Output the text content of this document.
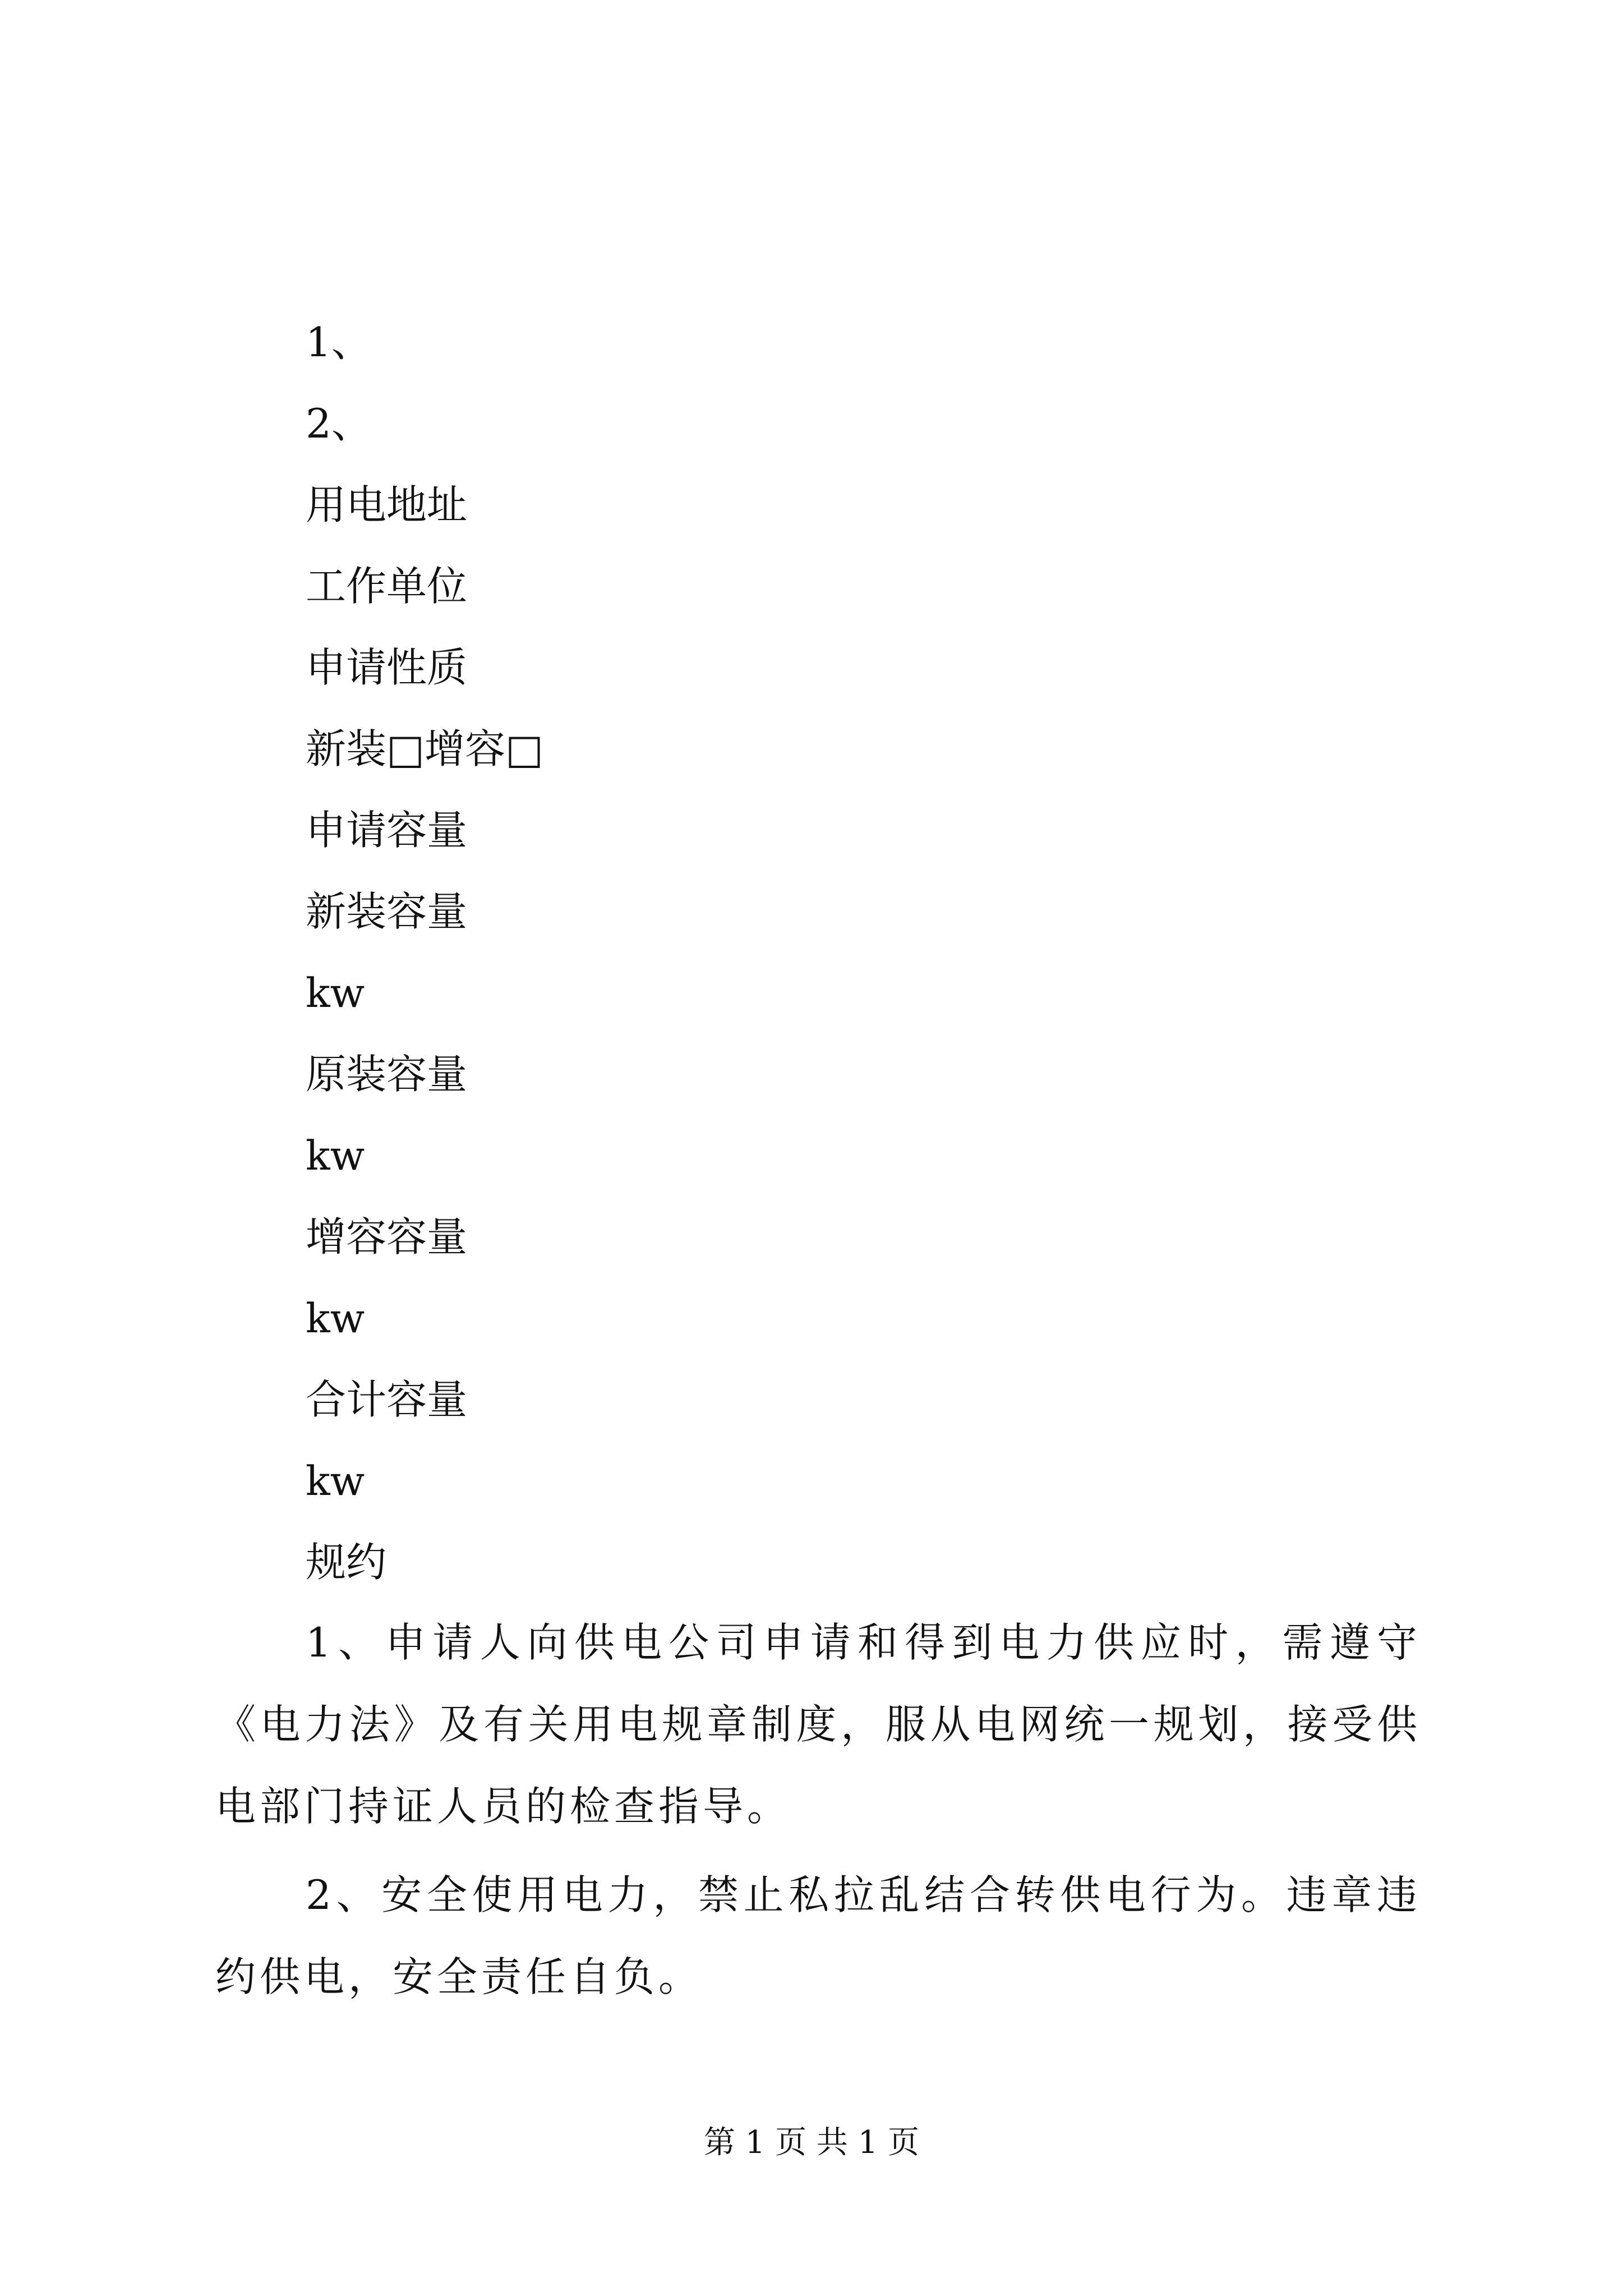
1、
2、
用电地址
工作单位
申请性质
新装□增容□
申请容量
新装容量
kw
原装容量
kw
增容容量
kw
合计容量
kw
规约

1、申请人向供电公司申请和得到电力供应时，需遵守《电力法》及有关用电规章制度，服从电网统一规划，接受供电部门持证人员的检查指导。

2、安全使用电力，禁止私拉乱结合转供电行为。违章违约供电，安全责任自负。

第 1 页 共 1 页
